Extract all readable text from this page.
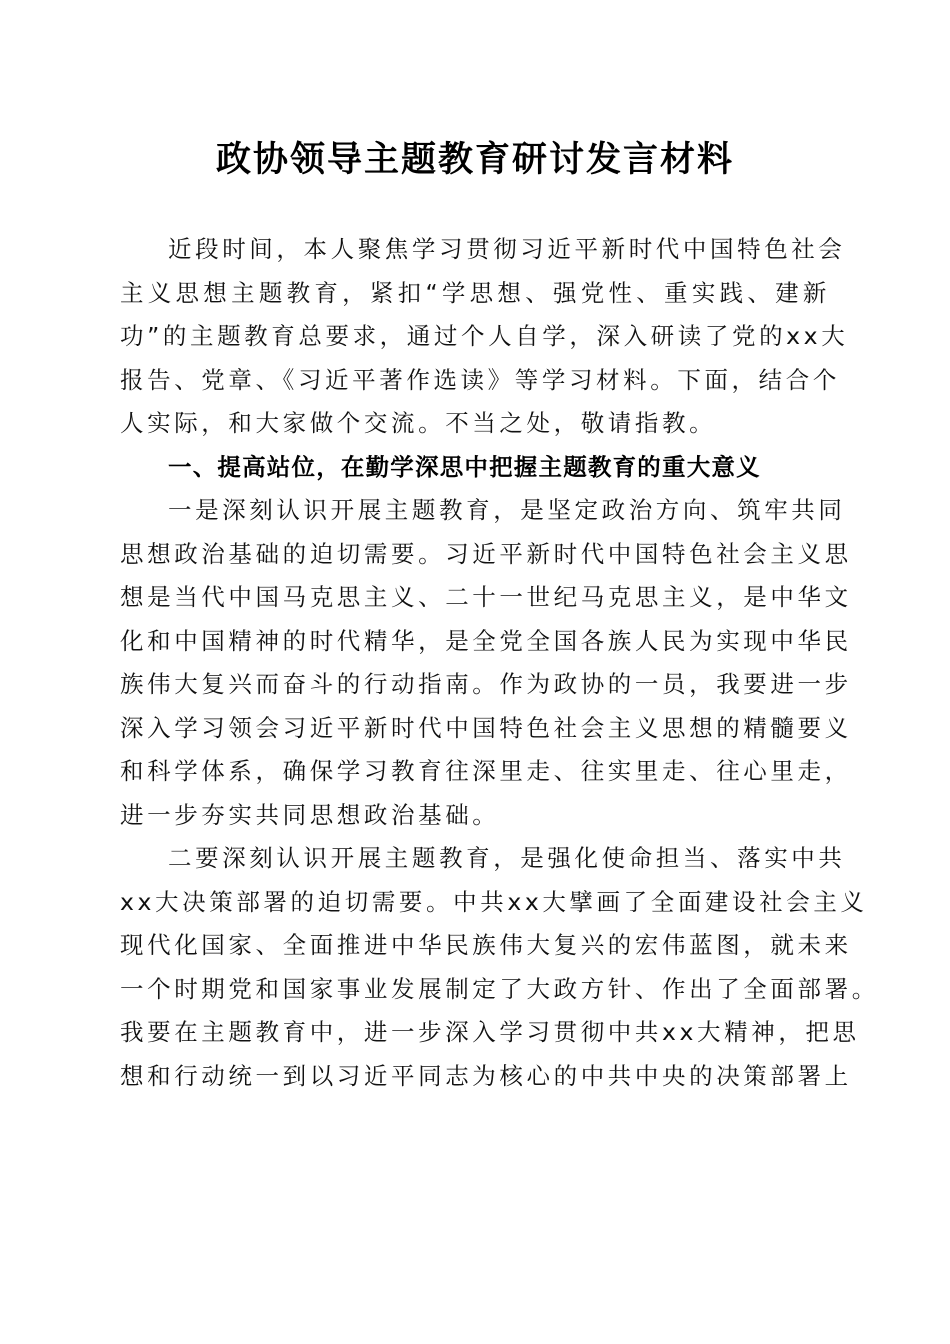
政协领导主题教育研讨发言材料
近段时间，本人聚焦学习贯彻习近平新时代中国特色社会
主义思想主题教育，紧扣“学思想、强党性、重实践、建新
功”的主题教育总要求，通过个人自学，深入研读了党的xx大
报告、党章、《习近平著作选读》等学习材料。下面，结合个
人实际，和大家做个交流。不当之处，敬请指教。
一、提高站位，在勤学深思中把握主题教育的重大意义
一是深刻认识开展主题教育，是坚定政治方向、筑牢共同
思想政治基础的迫切需要。习近平新时代中国特色社会主义思
想是当代中国马克思主义、二十一世纪马克思主义，是中华文
化和中国精神的时代精华，是全党全国各族人民为实现中华民
族伟大复兴而奋斗的行动指南。作为政协的一员，我要进一步
深入学习领会习近平新时代中国特色社会主义思想的精髓要义
和科学体系，确保学习教育往深里走、往实里走、往心里走，
进一步夯实共同思想政治基础。
二要深刻认识开展主题教育，是强化使命担当、落实中共
xx大决策部署的迫切需要。中共xx大擘画了全面建设社会主义
现代化国家、全面推进中华民族伟大复兴的宏伟蓝图，就未来
一个时期党和国家事业发展制定了大政方针、作出了全面部署。
我要在主题教育中，进一步深入学习贯彻中共xx大精神，把思
想和行动统一到以习近平同志为核心的中共中央的决策部署上
